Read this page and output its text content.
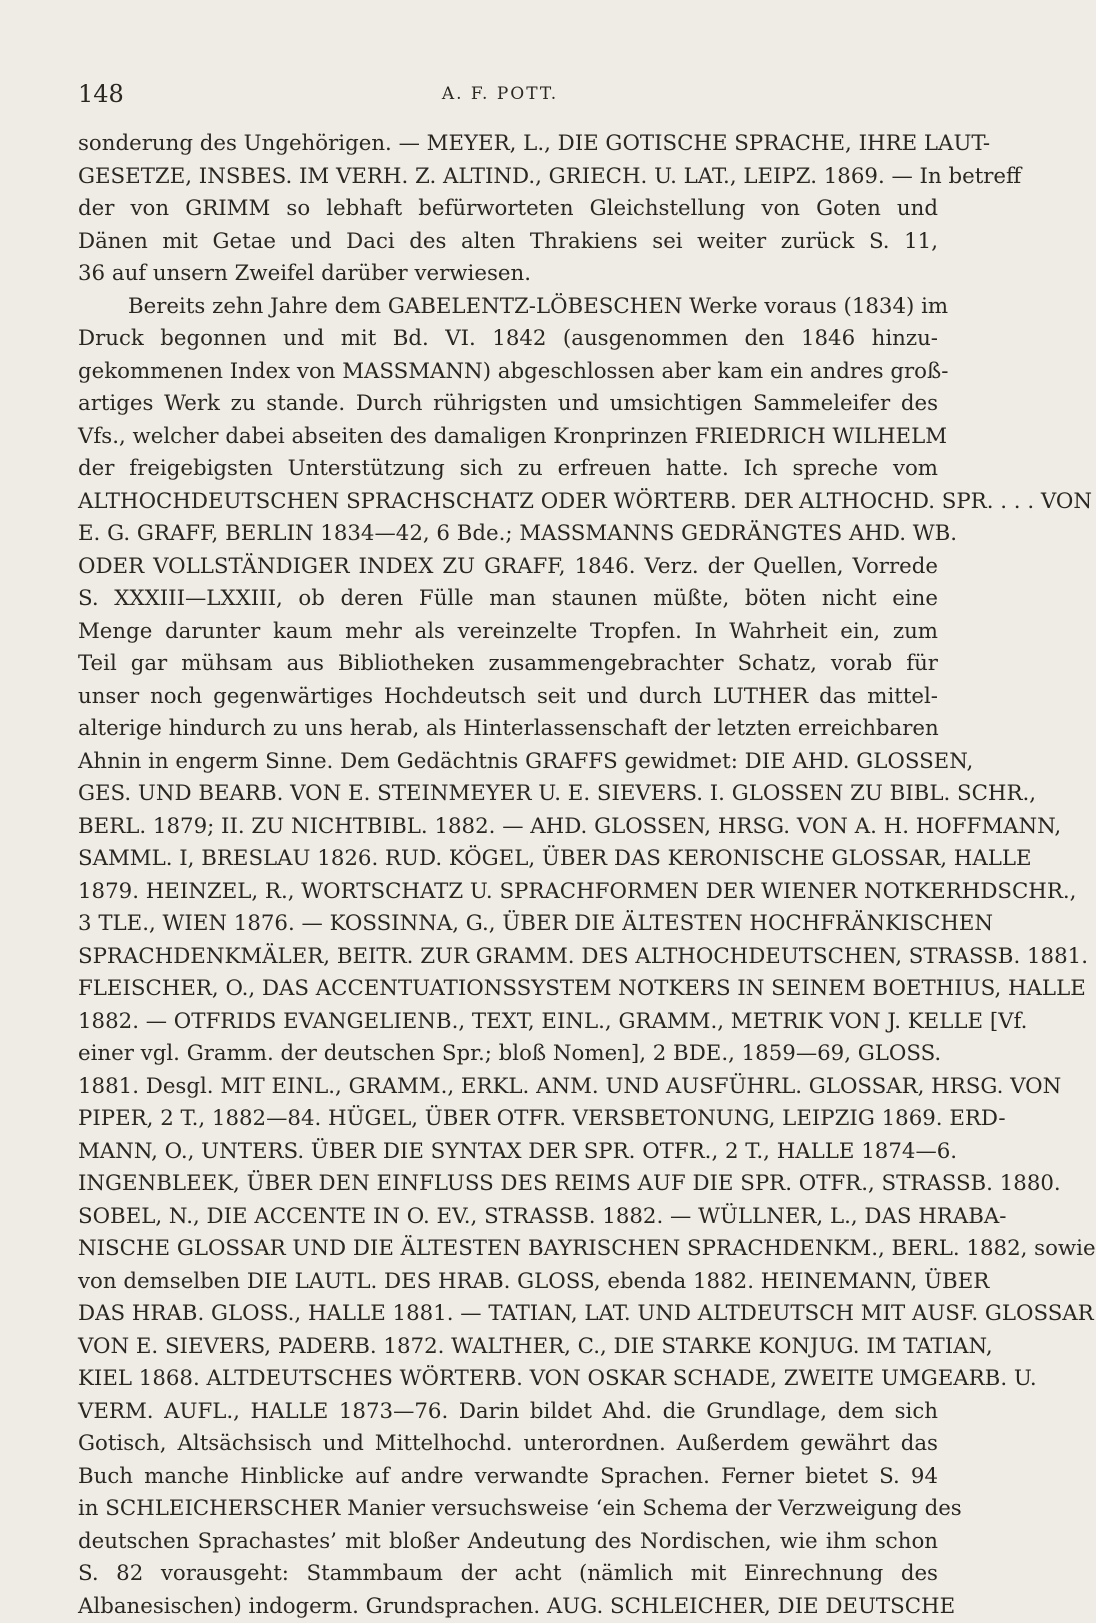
148	A. F. POTT.
sonderung des Ungehörigen. — MEYER, L., DIE GOTISCHE SPRACHE, IHRE LAUT-
GESETZE, INSBES. IM VERH. Z. ALTIND., GRIECH. U. LAT., LEIPZ. 1869. — In betreff
der von GRIMM so lebhaft befürworteten Gleichstellung von Goten und
Dänen mit Getae und Daci des alten Thrakiens sei weiter zurück S. 11,
36 auf unsern Zweifel darüber verwiesen.
Bereits zehn Jahre dem GABELENTZ-LÖBESCHEN Werke voraus (1834) im
Druck begonnen und mit Bd. VI. 1842 (ausgenommen den 1846 hinzu-
gekommenen Index von MASSMANN) abgeschlossen aber kam ein andres groß-
artiges Werk zu stande. Durch rührigsten und umsichtigen Sammeleifer des
Vfs., welcher dabei abseiten des damaligen Kronprinzen FRIEDRICH WILHELM
der freigebigsten Unterstützung sich zu erfreuen hatte. Ich spreche vom
ALTHOCHDEUTSCHEN SPRACHSCHATZ ODER WÖRTERB. DER ALTHOCHD. SPR. . . . VON
E. G. GRAFF, BERLIN 1834—42, 6 Bde.; MASSMANNS GEDRÄNGTES AHD. WB.
ODER VOLLSTÄNDIGER INDEX ZU GRAFF, 1846. Verz. der Quellen, Vorrede
S. XXXIII—LXXIII, ob deren Fülle man staunen müßte, böten nicht eine
Menge darunter kaum mehr als vereinzelte Tropfen. In Wahrheit ein, zum
Teil gar mühsam aus Bibliotheken zusammengebrachter Schatz, vorab für
unser noch gegenwärtiges Hochdeutsch seit und durch LUTHER das mittel-
alterige hindurch zu uns herab, als Hinterlassenschaft der letzten erreichbaren
Ahnin in engerm Sinne. Dem Gedächtnis GRAFFS gewidmet: DIE AHD. GLOSSEN,
GES. UND BEARB. VON E. STEINMEYER U. E. SIEVERS. I. GLOSSEN ZU BIBL. SCHR.,
BERL. 1879; II. ZU NICHTBIBL. 1882. — AHD. GLOSSEN, HRSG. VON A. H. HOFFMANN,
SAMML. I, BRESLAU 1826. RUD. KÖGEL, ÜBER DAS KERONISCHE GLOSSAR, HALLE
1879. HEINZEL, R., WORTSCHATZ U. SPRACHFORMEN DER WIENER NOTKERHDSCHR.,
3 TLE., WIEN 1876. — KOSSINNA, G., ÜBER DIE ÄLTESTEN HOCHFRÄNKISCHEN
SPRACHDENKMÄLER, BEITR. ZUR GRAMM. DES ALTHOCHDEUTSCHEN, STRASSB. 1881.
FLEISCHER, O., DAS ACCENTUATIONSSYSTEM NOTKERS IN SEINEM BOETHIUS, HALLE
1882. — OTFRIDS EVANGELIENB., TEXT, EINL., GRAMM., METRIK VON J. KELLE [Vf.
einer vgl. Gramm. der deutschen Spr.; bloß Nomen], 2 BDE., 1859—69, GLOSS.
1881. Desgl. MIT EINL., GRAMM., ERKL. ANM. UND AUSFÜHRL. GLOSSAR, HRSG. VON
PIPER, 2 T., 1882—84. HÜGEL, ÜBER OTFR. VERSBETONUNG, LEIPZIG 1869. ERD-
MANN, O., UNTERS. ÜBER DIE SYNTAX DER SPR. OTFR., 2 T., HALLE 1874—6.
INGENBLEEK, ÜBER DEN EINFLUSS DES REIMS AUF DIE SPR. OTFR., STRASSB. 1880.
SOBEL, N., DIE ACCENTE IN O. EV., STRASSB. 1882. — WÜLLNER, L., DAS HRABA-
NISCHE GLOSSAR UND DIE ÄLTESTEN BAYRISCHEN SPRACHDENKM., BERL. 1882, sowie
von demselben DIE LAUTL. DES HRAB. GLOSS, ebenda 1882. HEINEMANN, ÜBER
DAS HRAB. GLOSS., HALLE 1881. — TATIAN, LAT. UND ALTDEUTSCH MIT AUSF. GLOSSAR
VON E. SIEVERS, PADERB. 1872. WALTHER, C., DIE STARKE KONJUG. IM TATIAN,
KIEL 1868. ALTDEUTSCHES WÖRTERB. VON OSKAR SCHADE, ZWEITE UMGEARB. U.
VERM. AUFL., HALLE 1873—76. Darin bildet Ahd. die Grundlage, dem sich
Gotisch, Altsächsisch und Mittelhochd. unterordnen. Außerdem gewährt das
Buch manche Hinblicke auf andre verwandte Sprachen. Ferner bietet S. 94
in SCHLEICHERSCHER Manier versuchsweise ‘ein Schema der Verzweigung des
deutschen Sprachastes’ mit bloßer Andeutung des Nordischen, wie ihm schon
S. 82 vorausgeht: Stammbaum der acht (nämlich mit Einrechnung des
Albanesischen) indogerm. Grundsprachen. AUG. SCHLEICHER, DIE DEUTSCHE
